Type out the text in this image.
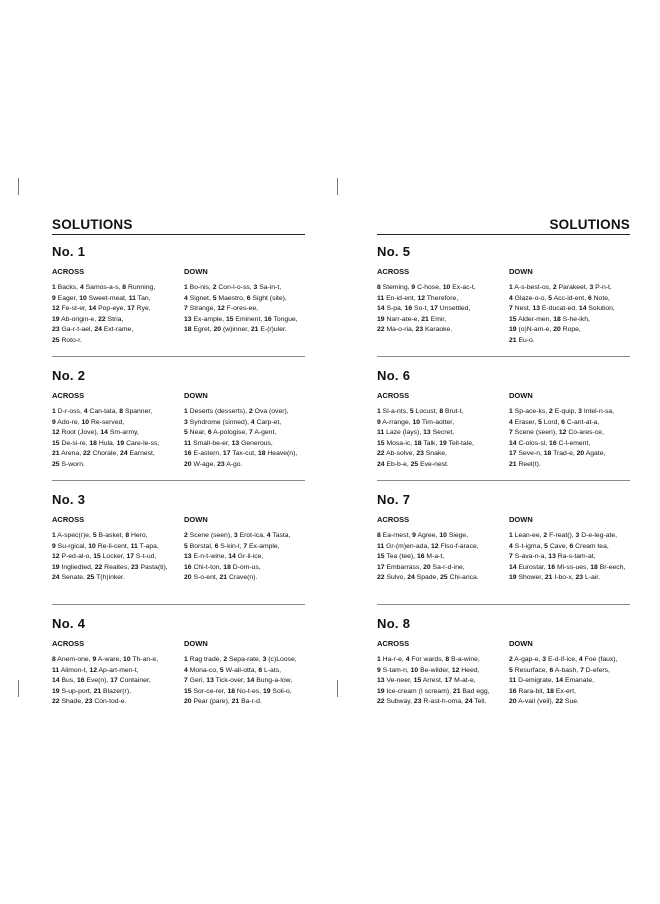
SOLUTIONS
No. 1
ACROSS
1 Backs, 4 Samos-a-s, 8 Running,
9 Eager, 10 Sweet-meat, 11 Tan,
12 Fe-st-er, 14 Pop-eye, 17 Rye,
19 Ab-origin-e, 22 Stria,
23 Ga-r-t-ael, 24 Ext-rame,
25 Roto-r.
DOWN
1 Bo-nis, 2 Con-l-o-ss, 3 Sa-in-t,
4 Signet, 5 Maestro, 6 Sight (site),
7 Strange, 12 F-ores-ee,
13 Ex-ample, 15 Eminent, 16 Tongue,
18 Egret, 20 (w)inner, 21 E-(r)uler.
No. 2
ACROSS
1 D-r-oss, 4 Can-tata, 8 Spanner,
9 Ado-re, 10 Re-served,
12 Root (Jove), 14 Sm-army,
15 De-si-re, 18 Hula, 19 Care-le-ss,
21 Arena, 22 Chorale, 24 Earnest,
25 S-worn.
DOWN
1 Deserts (desserts), 2 Ova (over),
3 Syndrome (sinned), 4 Carp-et,
5 Near, 6 A-pologise, 7 A-gent,
11 Small-be-er, 13 Generous,
16 E-astern, 17 Tax-cut, 18 Heave(n),
20 W-age, 23 A-go.
No. 3
ACROSS
1 A-spec(r)e, 5 B-asket, 8 Hero,
9 Su-rgical, 10 Re-li-cent, 11 T-apa,
12 P-ed-al-o, 15 Locker, 17 S-t-ud,
19 Ingliedted, 22 Realtes, 23 Pasta(ti),
24 Senate, 25 T(h)inker.
DOWN
2 Scene (seen), 3 Erot-ica, 4 Tasta,
5 Borstal, 6 S-kin-l, 7 Ex-ample,
13 E-n-t-wine, 14 Gr-il-ice,
16 Chi-t-ton, 18 D-om-us,
20 S-o-ent, 21 Crave(n).
No. 4
ACROSS
8 Anem-one, 9 A-ware, 10 Th-an-e,
11 Alimon-t, 12 Ap-art-men-t,
14 Bus, 16 Eve(n), 17 Container,
19 S-up-port, 21 Blazer(r),
22 Shade, 23 Con-tod-e.
DOWN
1 Rag trade, 2 Sepa-rate, 3 (c)Loose,
4 Mona-co, 5 W-all-otta, 6 L-ats,
7 Geri, 13 Tick-over, 14 Bung-a-low,
15 Sor-ce-rer, 18 No-t-es, 19 Soli-o,
20 Pear (pare), 21 Ba-r-d.
SOLUTIONS
No. 5
ACROSS
8 Steming, 9 C-hose, 10 Ex-ac-t,
11 En-id-ent, 12 Therefore,
14 S-pa, 16 So-t, 17 Unsettled,
19 Narr-ate-e, 21 Emir,
22 Ma-o-ria, 23 Karaoke.
DOWN
1 A-s-best-os, 2 Parakeet, 3 P-n-t,
4 Glaze-o-o, 5 Acc-id-ent, 6 Note,
7 Nest, 13 E-ducat-ed, 14 Solution,
15 Alder-men, 18 S-he-ikh,
19 (o)N-am-e, 20 Rope,
21 Eu-o.
No. 6
ACROSS
1 Sl-a-nts, 5 Locust, 8 Brut-t,
9 A-rrange, 10 Tim-aotter,
11 Laze (lays), 13 Secret,
15 Mosa-ic, 18 Talk, 19 Tell-tale,
22 Ab-solve, 23 Snake,
24 Eb-b-e, 25 Eve-nest.
DOWN
1 Sp-ace-ks, 2 E-quip, 3 Intel-n-sa,
4 Eraser, 5 Lord, 6 C-ant-at-a,
7 Scene (seen), 12 Co-ares-ce,
14 C-olos-sl, 16 C-l-ement,
17 Seve-n, 18 Trad-e, 20 Agate,
21 Reel(t).
No. 7
ACROSS
8 Ea-rnest, 9 Agree, 10 Siege,
11 Gr-(m)en-ada, 12 Flso-f-arace,
15 Tea (tee), 16 M-a-t,
17 Embarrass, 20 Sa-r-d-ine,
22 Sulvo, 24 Spade, 25 Chi-arica.
DOWN
1 Lean-ee, 2 F-reat(), 3 D-e-leg-ate,
4 S-t-igma, 5 Cave, 6 Cream tea,
7 S-ava-n-a, 13 Ra-s-tam-at,
14 Eurostar, 16 Mi-ss-ues, 18 Br-eech,
19 Shower, 21 I-bo-x, 23 L-air.
No. 8
ACROSS
1 Ha-r-e, 4 For wards, 8 B-a-wine,
9 S-tam-n, 10 Be-wilder, 12 Heed,
13 Ve-neer, 15 Arrest, 17 M-at-e,
19 Ice-cream (I scream), 21 Bad egg,
22 Subway, 23 R-ast-h-oma, 24 Tell.
DOWN
2 A-gap-e, 3 E-d-if-ice, 4 Foe (faux),
5 Resurface, 6 A-bash, 7 D-efers,
11 D-emigrate, 14 Emanate,
16 Rara-bit, 18 Ex-ert,
20 A-vail (veil), 22 Sue.
